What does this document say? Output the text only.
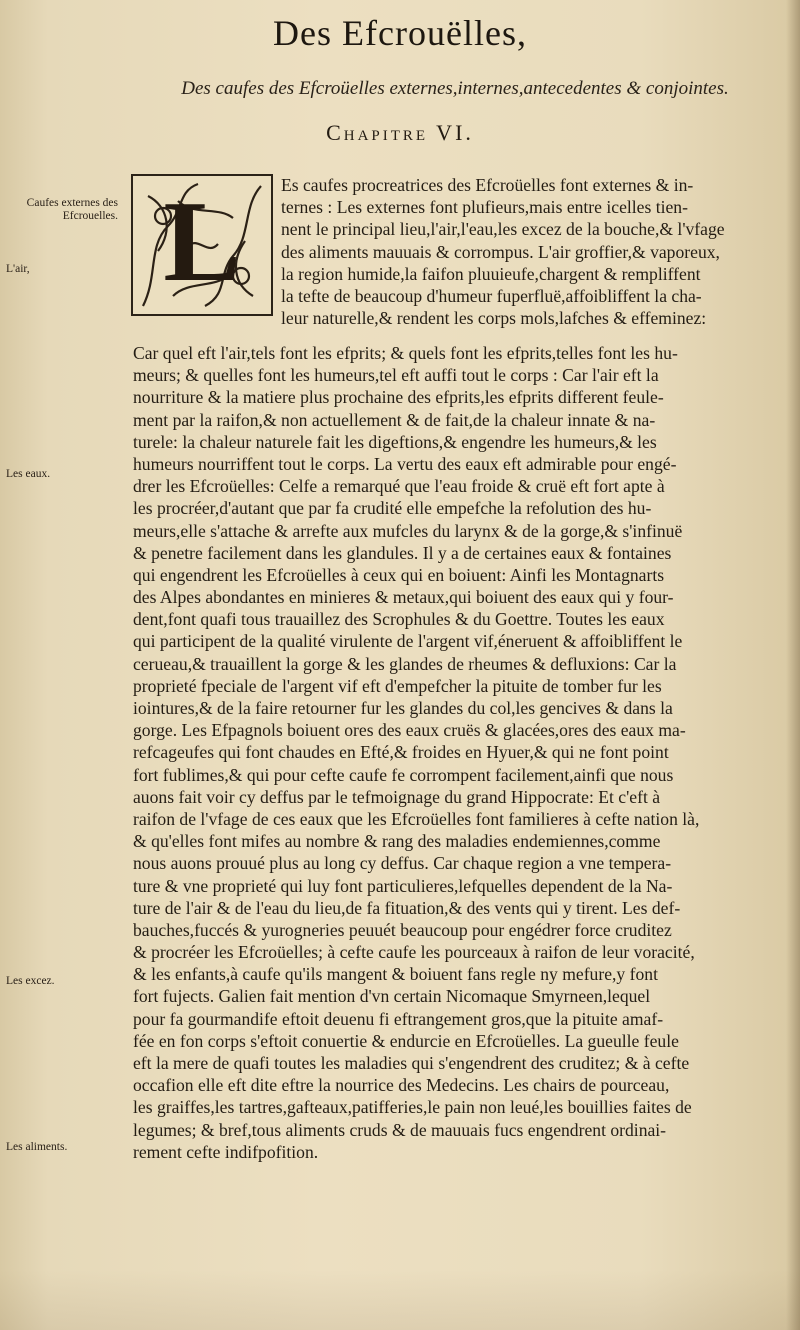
Des Efcrouëlles,
Des caufes des Efcroüelles externes,internes,antecedentes & conjointes.
Chapitre VI.
Caufes externes des Efcrouelles.
L'air,
Les eaux.
Les excez.
Les aliments.
L	Es caufes procreatrices des Efcroüelles font externes & in-
ternes : Les externes font plufieurs,mais entre icelles tien-
nent le principal lieu,l'air,l'eau,les excez de la bouche,& l'vfage
des aliments mauuais & corrompus. L'air groffier,& vaporeux,
la region humide,la faifon pluuieufe,chargent & rempliffent
la tefte de beaucoup d'humeur fuperfluë,affoibliffent la cha-
leur naturelle,& rendent les corps mols,lafches & effeminez:
Car quel eft l'air,tels font les efprits; & quels font les efprits,telles font les hu-
meurs; & quelles font les humeurs,tel eft auffi tout le corps : Car l'air eft la
nourriture & la matiere plus prochaine des efprits,les efprits different feule-
ment par la raifon,& non actuellement & de fait,de la chaleur innate & na-
turele: la chaleur naturele fait les digeftions,& engendre les humeurs,& les
humeurs nourriffent tout le corps. La vertu des eaux eft admirable pour engé-
drer les Efcroüelles: Celfe a remarqué que l'eau froide & cruë eft fort apte à
les procréer,d'autant que par fa crudité elle empefche la refolution des hu-
meurs,elle s'attache & arrefte aux mufcles du larynx & de la gorge,& s'infinuë
& penetre facilement dans les glandules. Il y a de certaines eaux & fontaines
qui engendrent les Efcroüelles à ceux qui en boiuent: Ainfi les Montagnarts
des Alpes abondantes en minieres & metaux,qui boiuent des eaux qui y four-
dent,font quafi tous trauaillez des Scrophules & du Goettre. Toutes les eaux
qui participent de la qualité virulente de l'argent vif,éneruent & affoibliffent le
cerueau,& trauaillent la gorge & les glandes de rheumes & defluxions: Car la
proprieté fpeciale de l'argent vif eft d'empefcher la pituite de tomber fur les
iointures,& de la faire retourner fur les glandes du col,les gencives & dans la
gorge. Les Efpagnols boiuent ores des eaux cruës & glacées,ores des eaux ma-
refcageufes qui font chaudes en Efté,& froides en Hyuer,& qui ne font point
fort fublimes,& qui pour cefte caufe fe corrompent facilement,ainfi que nous
auons fait voir cy deffus par le tefmoignage du grand Hippocrate: Et c'eft à
raifon de l'vfage de ces eaux que les Efcroüelles font familieres à cefte nation là,
& qu'elles font mifes au nombre & rang des maladies endemiennes,comme
nous auons prouué plus au long cy deffus. Car chaque region a vne tempera-
ture & vne proprieté qui luy font particulieres,lefquelles dependent de la Na-
ture de l'air & de l'eau du lieu,de fa fituation,& des vents qui y tirent. Les def-
bauches,fuccés & yurogneries peuuét beaucoup pour engédrer force cruditez
& procréer les Efcroüelles; à cefte caufe les pourceaux à raifon de leur voracité,
& les enfants,à caufe qu'ils mangent & boiuent fans regle ny mefure,y font
fort fujects. Galien fait mention d'vn certain Nicomaque Smyrneen,lequel
pour fa gourmandife eftoit deuenu fi eftrangement gros,que la pituite amaf-
fée en fon corps s'eftoit conuertie & endurcie en Efcroüelles. La gueulle feule
eft la mere de quafi toutes les maladies qui s'engendrent des cruditez; & à cefte
occafion elle eft dite eftre la nourrice des Medecins. Les chairs de pourceau,
les graiffes,les tartres,gafteaux,patifferies,le pain non leué,les bouillies faites de
legumes; & bref,tous aliments cruds & de mauuais fucs engendrent ordinai-
rement cefte indifpofition.
